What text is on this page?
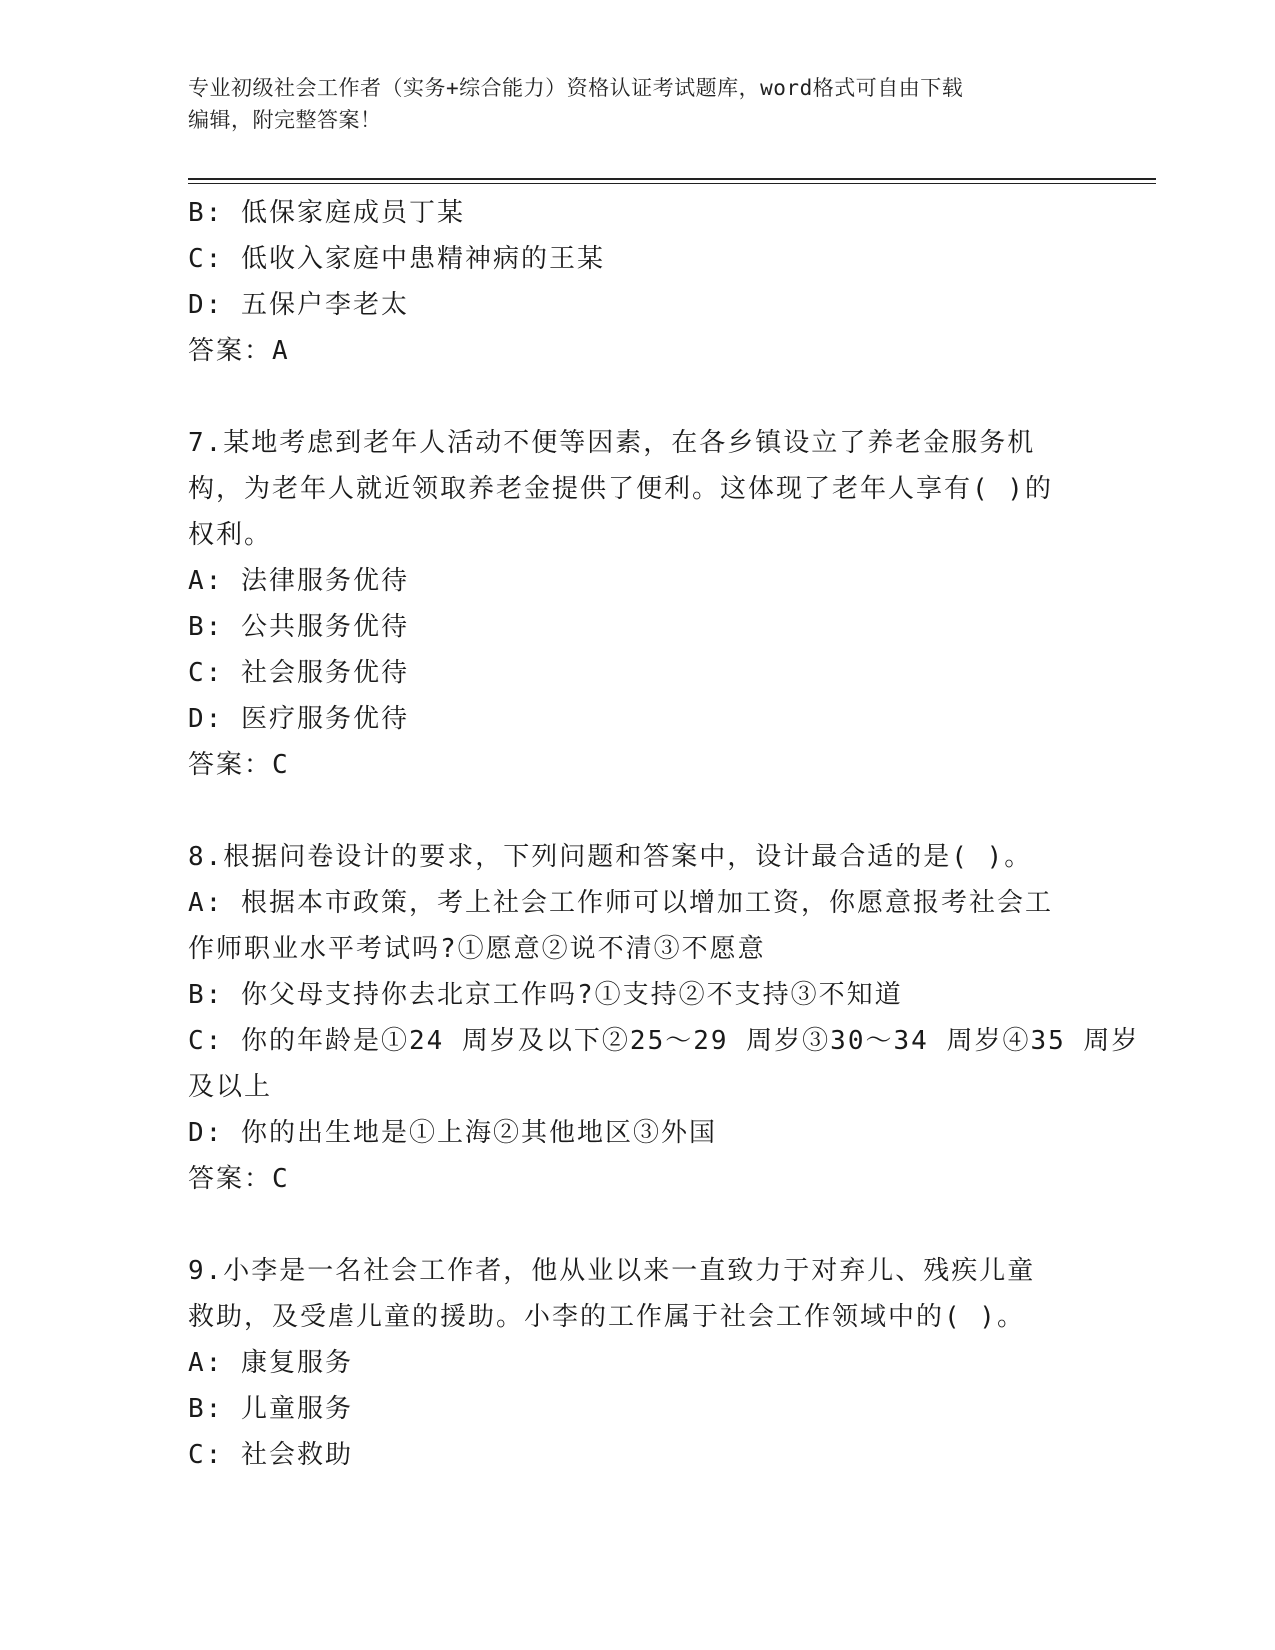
专业初级社会工作者（实务+综合能力）资格认证考试题库，word格式可自由下载
编辑，附完整答案！
B: 低保家庭成员丁某
C: 低收入家庭中患精神病的王某
D: 五保户李老太
答案：A
7.某地考虑到老年人活动不便等因素，在各乡镇设立了养老金服务机
构，为老年人就近领取养老金提供了便利。这体现了老年人享有( )的
权利。
A: 法律服务优待
B: 公共服务优待
C: 社会服务优待
D: 医疗服务优待
答案：C
8.根据问卷设计的要求，下列问题和答案中，设计最合适的是( )。
A: 根据本市政策，考上社会工作师可以增加工资，你愿意报考社会工
作师职业水平考试吗?①愿意②说不清③不愿意
B: 你父母支持你去北京工作吗?①支持②不支持③不知道
C: 你的年龄是①24 周岁及以下②25～29 周岁③30～34 周岁④35 周岁
及以上
D: 你的出生地是①上海②其他地区③外国
答案：C
9.小李是一名社会工作者，他从业以来一直致力于对弃儿、残疾儿童
救助，及受虐儿童的援助。小李的工作属于社会工作领域中的( )。
A: 康复服务
B: 儿童服务
C: 社会救助
